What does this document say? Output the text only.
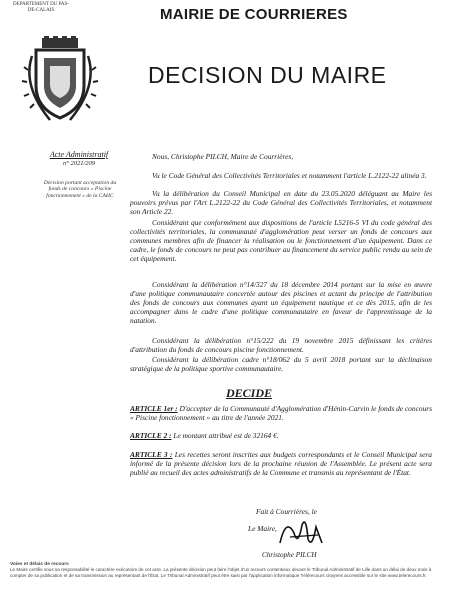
DEPARTEMENT DU PAS-DE-CALAIS	MAIRIE DE COURRIERES
DECISION DU MAIRE
Acte Administratif
n° 2021/209
Décision portant acceptation du fonds de concours « Piscine fonctionnement » de la CAHC
Nous, Christophe PILCH, Maire de Courrières,
Vu le Code Général des Collectivités Territoriales et notamment l'article L.2122-22 alinéa 3.
Vu la délibération du Conseil Municipal en date du 23.05.2020 déléguant au Maire les pouvoirs prévus par l'Art L.2122-22 du Code Général des Collectivités Territoriales, et notamment son Article 22.
Considérant que conformément aux dispositions de l'article L5216-5 VI du code général des collectivités territoriales, la communauté d'agglomération peut verser un fonds de concours aux communes membres afin de financer la réalisation ou le fonctionnement d'un équipement. Dans ce cadre, le fonds de concours ne peut pas contribuer au financement du service public rendu au sein de cet équipement.
Considérant la délibération n°14/327 du 18 décembre 2014 portant sur la mise en œuvre d'une politique communautaire concertée autour des piscines et actant du principe de l'attribution des fonds de concours aux communes ayant un équipement nautique et ce dès 2015, afin de les accompagner dans le cadre d'une politique communautaire en faveur de l'apprentissage de la natation.
Considérant la délibération n°15/222 du 19 novembre 2015 définissant les critères d'attribution du fonds de concours piscine fonctionnement.
Considérant la délibération cadre n°18/062 du 5 avril 2018 portant sur la déclinaison stratégique de la politique sportive communautaire.
DECIDE
ARTICLE 1er : D'accepter de la Communauté d'Agglomération d'Hénin-Carvin le fonds de concours « Piscine fonctionnement » au titre de l'année 2021.
ARTICLE 2 : Le montant attribué est de 32164 €.
ARTICLE 3 : Les recettes seront inscrites aux budgets correspondants et le Conseil Municipal sera informé de la présente décision lors de la prochaine réunion de l'Assemblée. Le présent acte sera publié au recueil des actes administratifs de la Commune et transmis au représentant de l'État.
Fait à Courrières, le
Le Maire,
Christophe PILCH
Voies et délais de recours
Le Maire certifie sous sa responsabilité le caractère exécutoire de cet acte. La présente décision peut faire l'objet d'un recours contentieux devant le Tribunal Administratif de Lille dans un délai de deux mois à compter de sa publication et de sa transmission au représentant de l'État. Le Tribunal Administratif peut être saisi par l'application informatique Télérecours citoyens accessible sur le site www.telerecours.fr.
